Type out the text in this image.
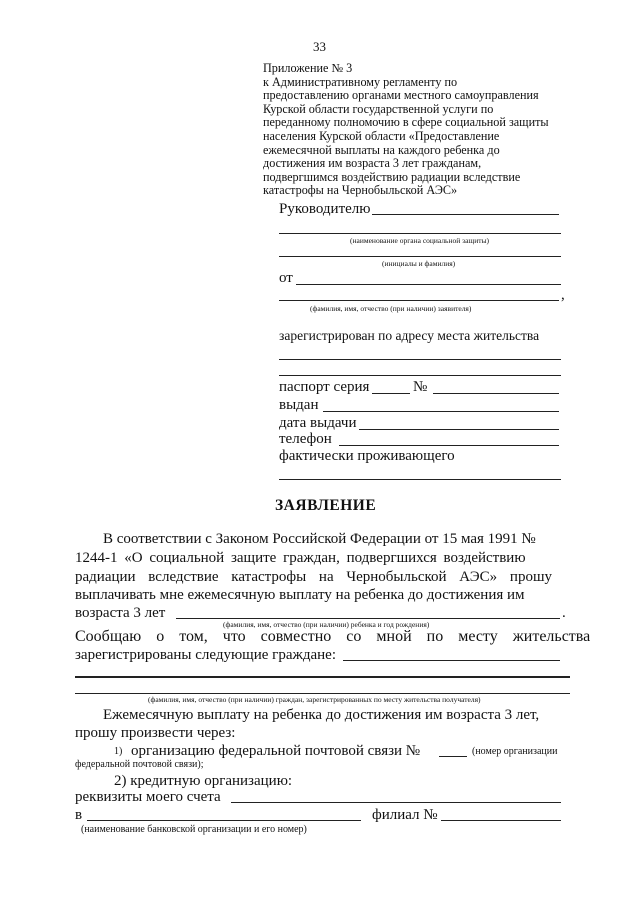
33
Приложение № 3
к Административному регламенту по
предоставлению органами местного самоуправления
Курской области государственной услуги по
переданному полномочию в сфере социальной защиты
населения Курской области «Предоставление
ежемесячной выплаты на каждого ребенка до
достижения им возраста 3 лет гражданам,
подвергшимся воздействию радиации вследствие
катастрофы на Чернобыльской АЭС»
Руководителю
(наименование органа социальной защиты)
(инициалы и фамилия)
от
,
(фамилия, имя, отчество (при наличии) заявителя)
зарегистрирован по адресу места жительства
паспорт серия	№
выдан
дата выдачи
телефон
фактически проживающего
ЗАЯВЛЕНИЕ
В соответствии с Законом Российской Федерации от 15 мая 1991 №
1244-1 «О социальной защите граждан, подвергшихся воздействию
радиации вследствие катастрофы на Чернобыльской АЭС» прошу
выплачивать мне ежемесячную выплату на ребенка до достижения им
возраста 3 лет	.
(фамилия, имя, отчество (при наличии) ребенка и год рождения)
Сообщаю о том, что совместно со мной по месту жительства
зарегистрированы следующие граждане:
(фамилия, имя, отчество (при наличии) граждан, зарегистрированных по месту жительства получателя)
Ежемесячную выплату на ребенка до достижения им возраста 3 лет,
прошу произвести через:
1) организацию федеральной почтовой связи №	(номер организации
федеральной почтовой связи);
2) кредитную организацию:
реквизиты моего счета
в	филиал №
(наименование банковской организации и его номер)
